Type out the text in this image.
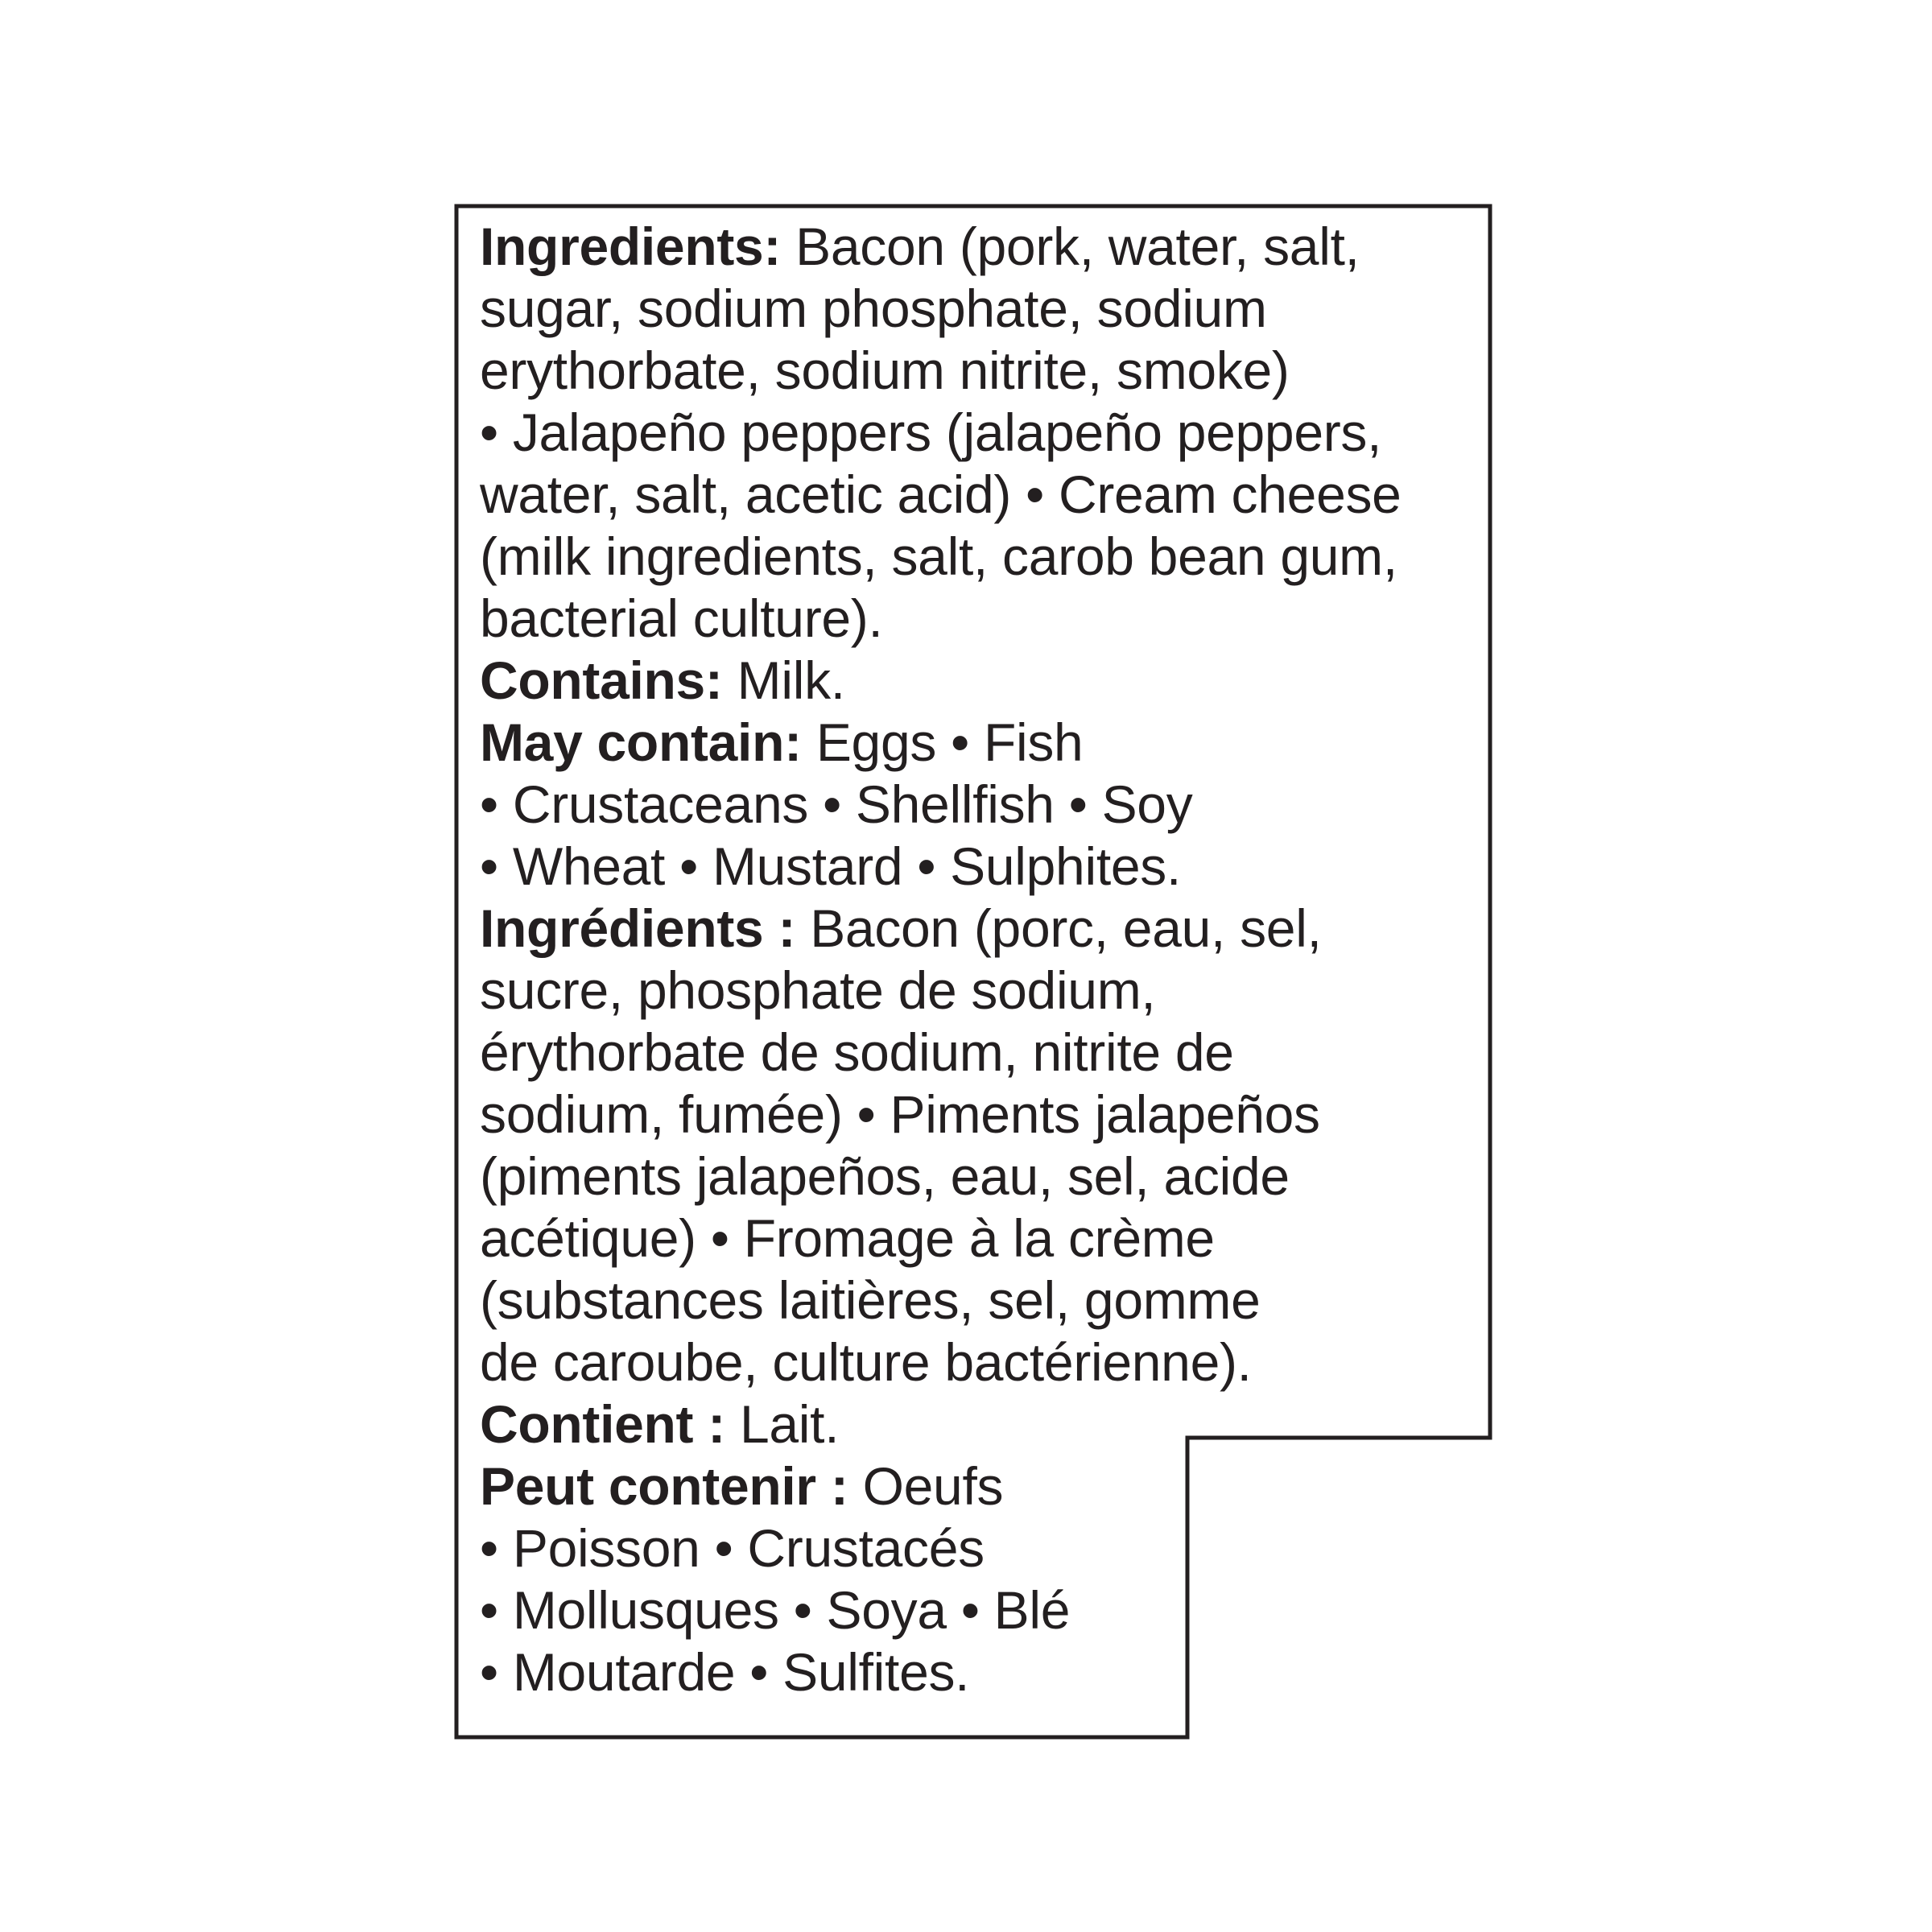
Ingredients: Bacon (pork, water, salt,
sugar, sodium phosphate, sodium
erythorbate, sodium nitrite, smoke)
• Jalapeño peppers (jalapeño peppers,
water, salt, acetic acid) • Cream cheese
(milk ingredients, salt, carob bean gum,
bacterial culture).
Contains: Milk.
May contain: Eggs • Fish
• Crustaceans • Shellfish • Soy
• Wheat • Mustard • Sulphites.
Ingrédients : Bacon (porc, eau, sel,
sucre, phosphate de sodium,
érythorbate de sodium, nitrite de
sodium, fumée) • Piments jalapeños
(piments jalapeños, eau, sel, acide
acétique) • Fromage à la crème
(substances laitières, sel, gomme
de caroube, culture bactérienne).
Contient : Lait.
Peut contenir : Oeufs
• Poisson • Crustacés
• Mollusques • Soya • Blé
• Moutarde • Sulfites.
